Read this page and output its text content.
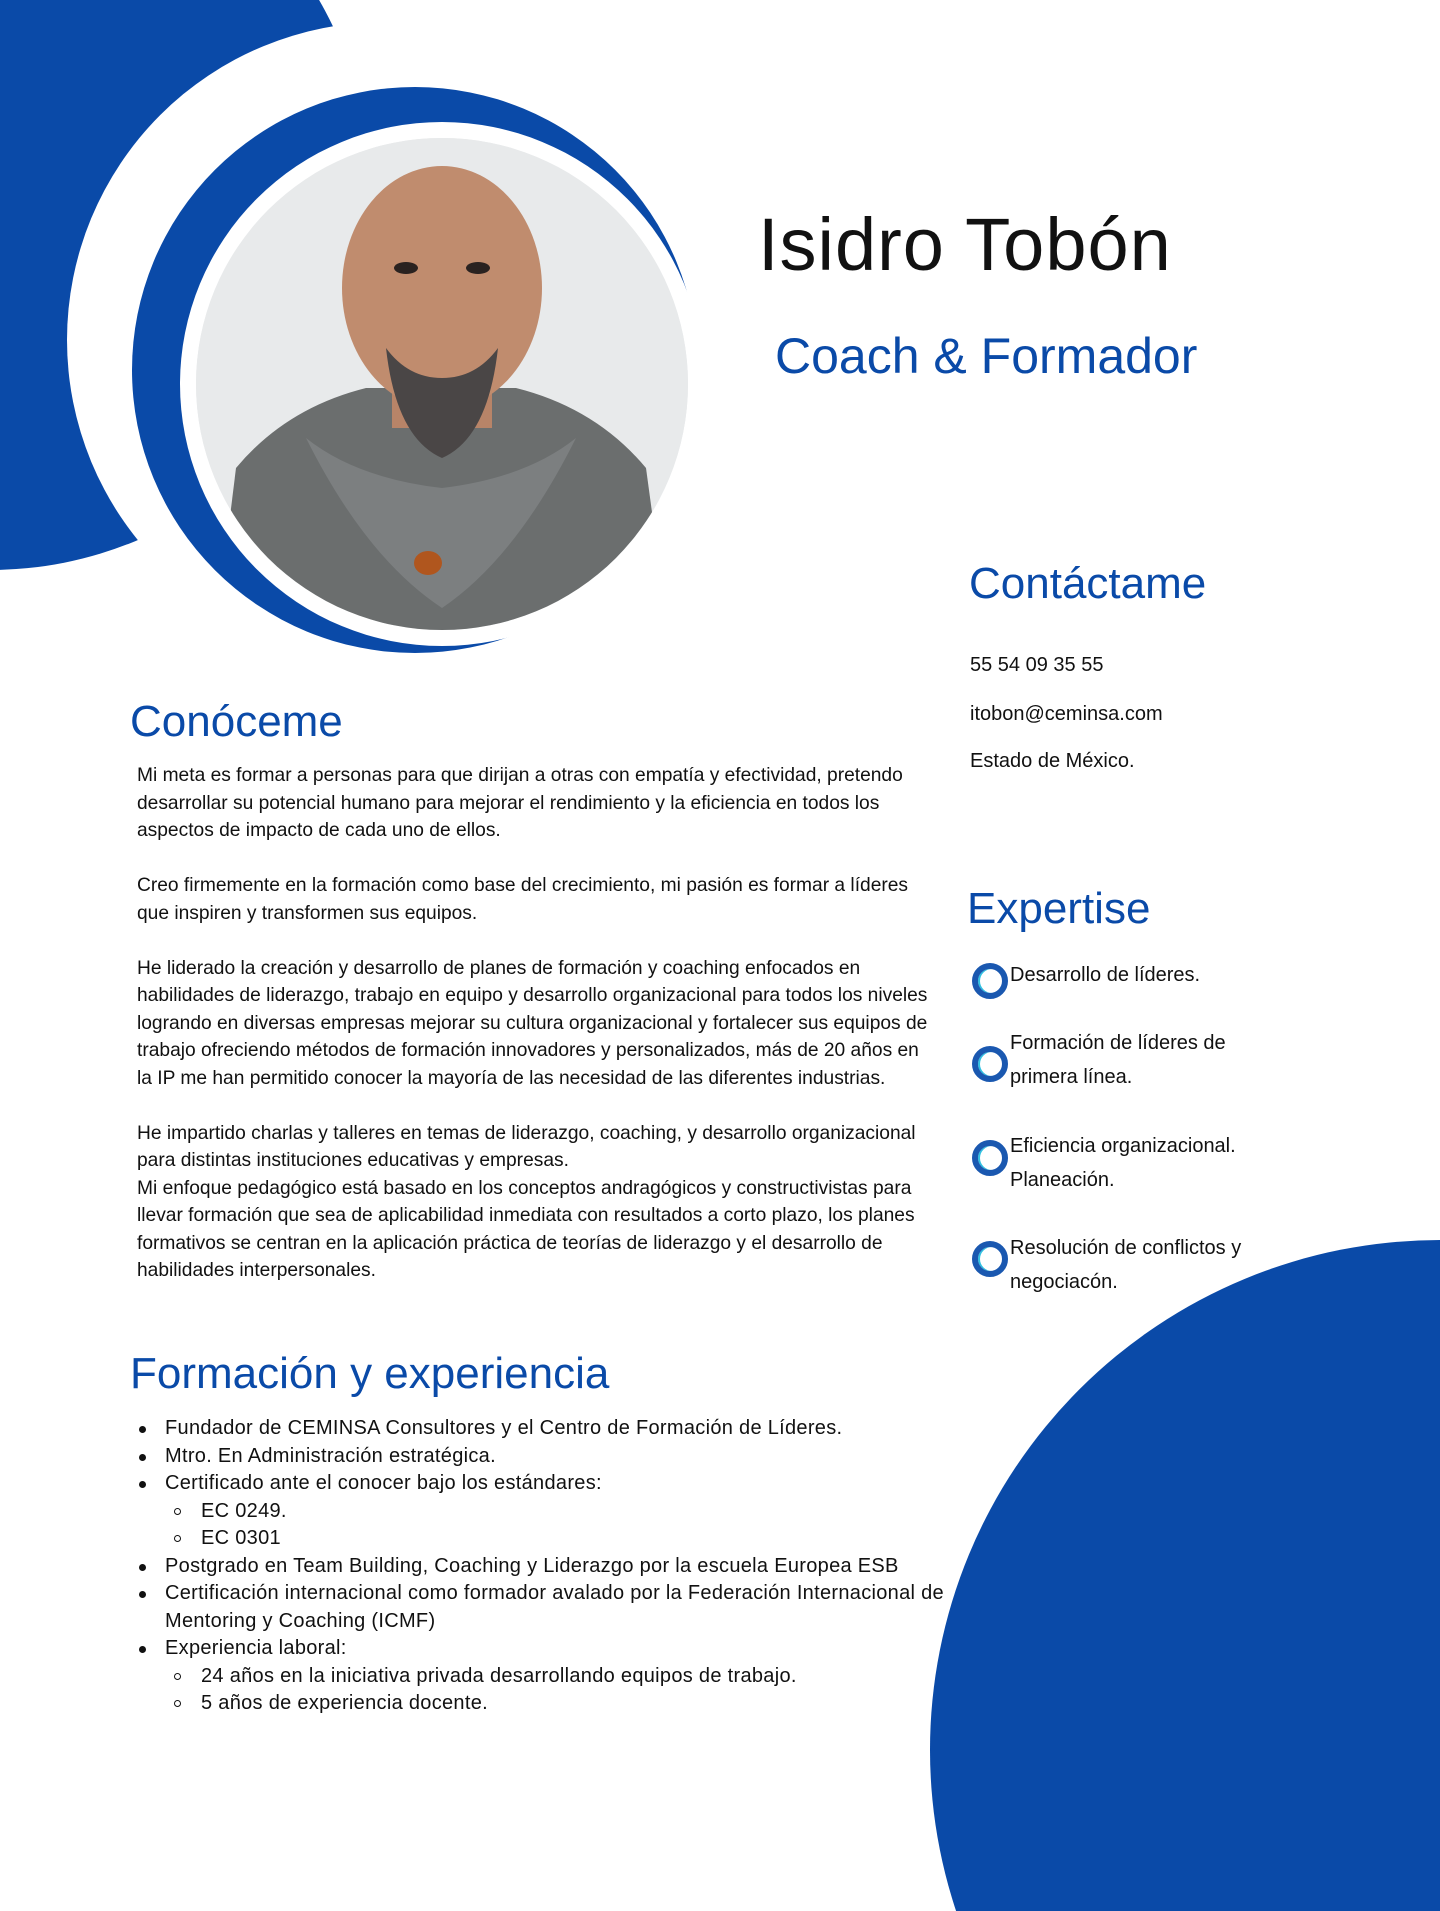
Isidro Tobón
Coach & Formador
Contáctame
55 54 09 35 55
itobon@ceminsa.com
Estado de México.
Conóceme

Mi meta es formar a personas para que dirijan a otras con empatía y efectividad, pretendo desarrollar su potencial humano para mejorar el rendimiento y la eficiencia en todos los aspectos de impacto de cada uno de ellos.

Creo firmemente en la formación como base del crecimiento, mi pasión es formar a líderes que inspiren y transformen sus equipos.

He liderado la creación y desarrollo de planes de formación y coaching enfocados en habilidades de liderazgo, trabajo en equipo y desarrollo organizacional para todos los niveles logrando en diversas empresas mejorar su cultura organizacional y fortalecer sus equipos de trabajo ofreciendo métodos de formación innovadores y personalizados, más de 20 años en la IP me han permitido conocer la mayoría de las necesidad de las diferentes industrias.

He impartido charlas y talleres en temas de liderazgo, coaching, y desarrollo organizacional para distintas instituciones educativas y empresas.
Mi enfoque pedagógico está basado en los conceptos andragógicos y constructivistas para llevar formación que sea de aplicabilidad inmediata con resultados a corto plazo, los planes formativos se centran en la aplicación práctica de teorías de liderazgo y el desarrollo de habilidades interpersonales.

Expertise
Desarrollo de líderes.
Formación de líderes de primera línea.
Eficiencia organizacional. Planeación.
Resolución de conflictos y negociacón.
Formación y experiencia
Fundador de CEMINSA Consultores y el Centro de Formación de Líderes.
Mtro. En Administración estratégica.
Certificado ante el conocer bajo los estándares:
EC 0249.
EC 0301
Postgrado en Team Building, Coaching y Liderazgo por la escuela Europea ESB
Certificación internacional como formador avalado por la Federación Internacional de Mentoring y Coaching (ICMF)
Experiencia laboral:
24 años en la iniciativa privada desarrollando equipos de trabajo.
5 años de experiencia docente.
